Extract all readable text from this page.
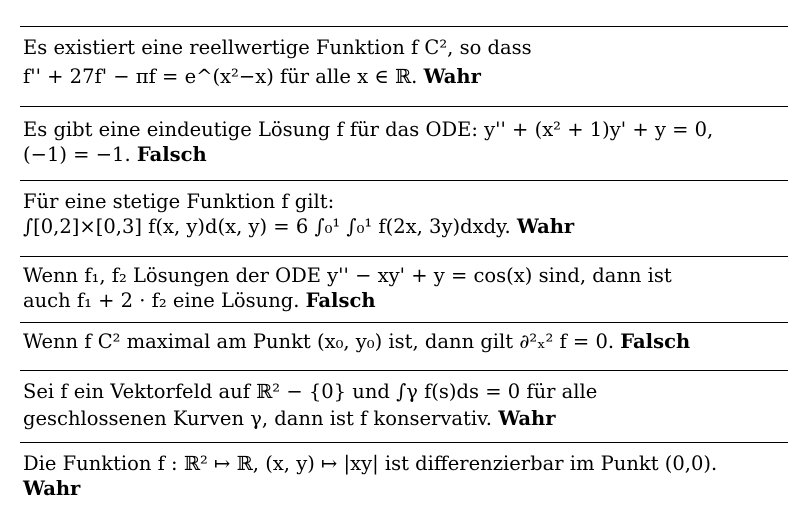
Es existiert eine reellwertige Funktion f C², so dass
f'' + 27f' − πf = e^(x²−x) für alle x ∈ ℝ. Wahr
Es gibt eine eindeutige Lösung f für das ODE: y'' + (x² + 1)y' + y = 0,
(−1) = −1. Falsch
Für eine stetige Funktion f gilt:
∫[0,2]×[0,3] f(x, y)d(x, y) = 6 ∫₀¹ ∫₀¹ f(2x, 3y)dxdy. Wahr
Wenn f₁, f₂ Lösungen der ODE y'' − xy' + y = cos(x) sind, dann ist
auch f₁ + 2 · f₂ eine Lösung. Falsch
Wenn f C² maximal am Punkt (x₀, y₀) ist, dann gilt ∂²ₓ² f = 0. Falsch
Sei f ein Vektorfeld auf ℝ² − {0} und ∫γ f(s)ds = 0 für alle
geschlossenen Kurven γ, dann ist f konservativ. Wahr
Die Funktion f : ℝ² ↦ ℝ, (x, y) ↦ |xy| ist differenzierbar im Punkt (0,0).
Wahr
